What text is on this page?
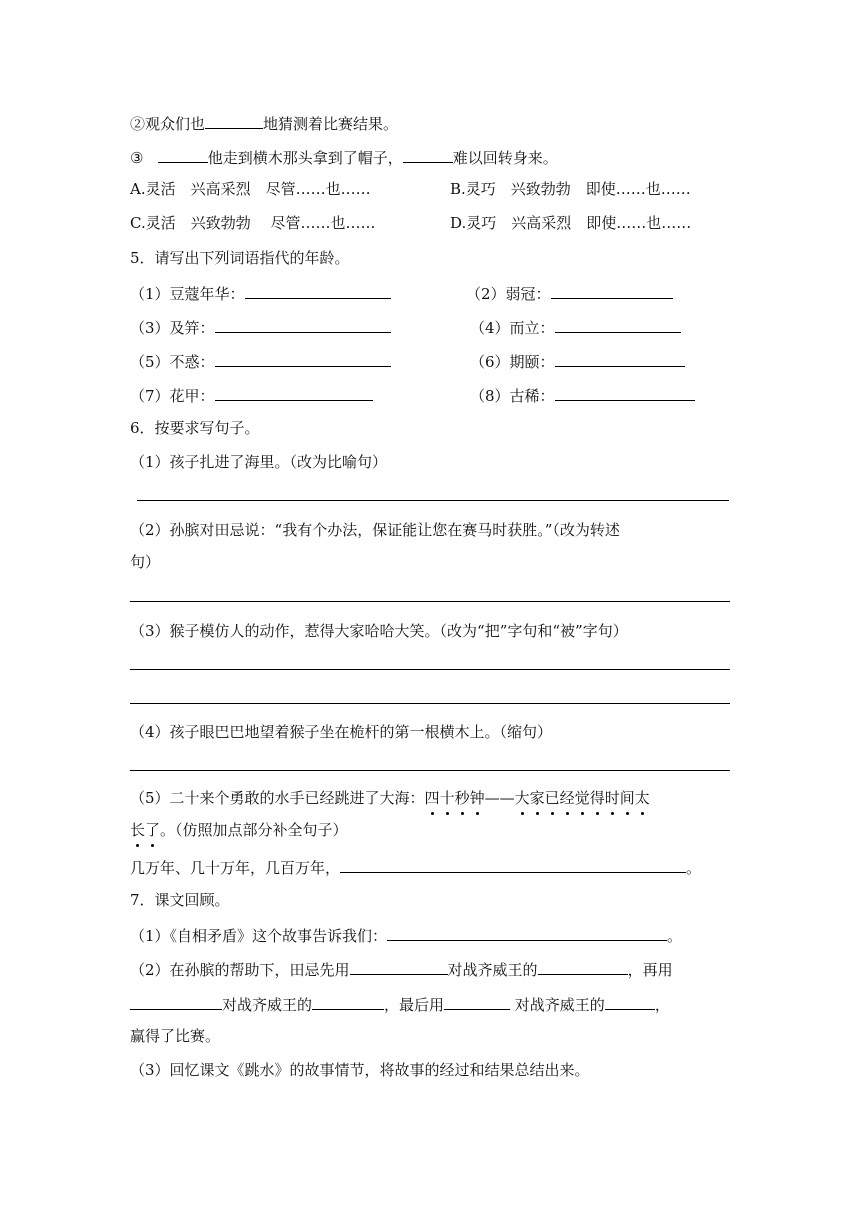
②观众们也	地猜测着比赛结果。
③	他走到横木那头拿到了帽子，	难以回转身来。
A.灵活　兴高采烈　尽管……也……	B.灵巧　兴致勃勃　即使……也……
C.灵活　兴致勃勃　 尽管……也……	D.灵巧　兴高采烈　即使……也……
5．请写出下列词语指代的年龄。
（1）豆蔻年华：	（2）弱冠：
（3）及笄：	（4）而立：
（5）不惑：	（6）期颐：
（7）花甲：	（8）古稀：
6．按要求写句子。
（1）孩子扎进了海里。（改为比喻句）
（2）孙膑对田忌说：“我有个办法，保证能让您在赛马时获胜。”（改为转述
句）
（3）猴子模仿人的动作，惹得大家哈哈大笑。（改为“把”字句和“被”字句）
（4）孩子眼巴巴地望着猴子坐在桅杆的第一根横木上。（缩句）
（5）二十来个勇敢的水手已经跳进了大海：四十秒钟——大家已经觉得时间太
长了。（仿照加点部分补全句子）
几万年、几十万年，几百万年，	。
7．课文回顾。
（1）《自相矛盾》这个故事告诉我们：	。
（2）在孙膑的帮助下，田忌先用	对战齐威王的	，再用
对战齐威王的	，最后用	对战齐威王的	，
赢得了比赛。
（3）回忆课文《跳水》的故事情节，将故事的经过和结果总结出来。
